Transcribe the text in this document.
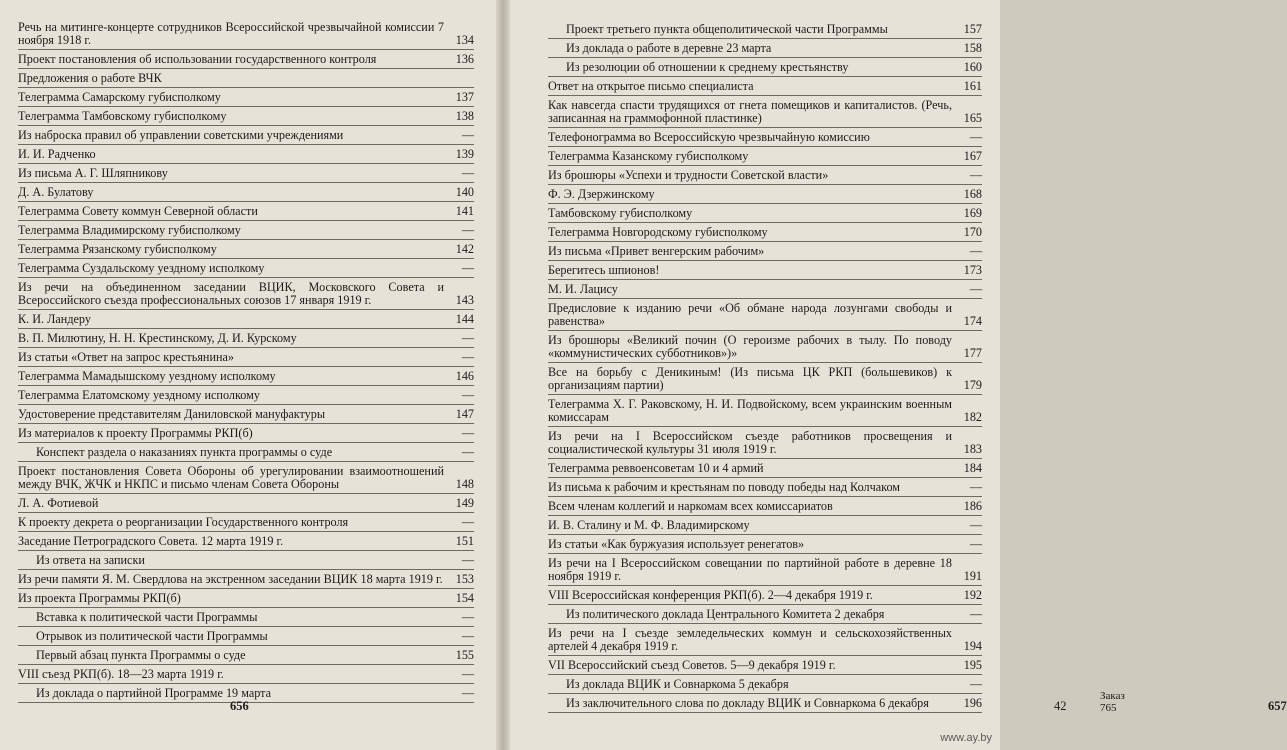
Речь на митинге-концерте сотрудников Всероссийской чрезвычайной комиссии 7 ноября 1918 г.	134
Проект постановления об использовании государственного контроля	136
Предложения о работе ВЧК
Телеграмма Самарскому губисполкому	137
Телеграмма Тамбовскому губисполкому	138
Из наброска правил об управлении советскими учреждениями	—
И. И. Радченко	139
Из письма А. Г. Шляпникову	—
Д. А. Булатову	140
Телеграмма Совету коммун Северной области	141
Телеграмма Владимирскому губисполкому	—
Телеграмма Рязанскому губисполкому	142
Телеграмма Суздальскому уездному исполкому	—
Из речи на объединенном заседании ВЦИК, Московского Совета и Всероссийского съезда профессиональных союзов 17 января 1919 г.	143
К. И. Ландеру	144
В. П. Милютину, Н. Н. Крестинскому, Д. И. Курскому	—
Из статьи «Ответ на запрос крестьянина»	—
Телеграмма Мамадышскому уездному исполкому	146
Телеграмма Елатомскому уездному исполкому	—
Удостоверение представителям Даниловской мануфактуры	147
Из материалов к проекту Программы РКП(б)	—
Конспект раздела о наказаниях пункта программы о суде	—
Проект постановления Совета Обороны об урегулировании взаимоотношений между ВЧК, ЖЧК и НКПС и письмо членам Совета Обороны	148
Л. А. Фотиевой	149
К проекту декрета о реорганизации Государственного контроля	—
Заседание Петроградского Совета. 12 марта 1919 г.	151
Из ответа на записки	—
Из речи памяти Я. М. Свердлова на экстренном заседании ВЦИК 18 марта 1919 г.	153
Из проекта Программы РКП(б)	154
Вставка к политической части Программы	—
Отрывок из политической части Программы	—
Первый абзац пункта Программы о суде	155
VIII съезд РКП(б). 18—23 марта 1919 г.	—
Из доклада о партийной Программе 19 марта	—
656
Проект третьего пункта общеполитической части Программы	157
Из доклада о работе в деревне 23 марта	158
Из резолюции об отношении к среднему крестьянству	160
Ответ на открытое письмо специалиста	161
Как навсегда спасти трудящихся от гнета помещиков и капиталистов. (Речь, записанная на граммофонной пластинке)	165
Телефонограмма во Всероссийскую чрезвычайную комиссию	—
Телеграмма Казанскому губисполкому	167
Из брошюры «Успехи и трудности Советской власти»	—
Ф. Э. Дзержинскому	168
Тамбовскому губисполкому	169
Телеграмма Новгородскому губисполкому	170
Из письма «Привет венгерским рабочим»	—
Берегитесь шпионов!	173
М. И. Лацису	—
Предисловие к изданию речи «Об обмане народа лозунгами свободы и равенства»	174
Из брошюры «Великий почин (О героизме рабочих в тылу. По поводу «коммунистических субботников»)»	177
Все на борьбу с Деникиным! (Из письма ЦК РКП (большевиков) к организациям партии)	179
Телеграмма Х. Г. Раковскому, Н. И. Подвойскому, всем украинским военным комиссарам	182
Из речи на I Всероссийском съезде работников просвещения и социалистической культуры 31 июля 1919 г.	183
Телеграмма реввоенсоветам 10 и 4 армий	184
Из письма к рабочим и крестьянам по поводу победы над Колчаком	—
Всем членам коллегий и наркомам всех комиссариатов	186
И. В. Сталину и М. Ф. Владимирскому	—
Из статьи «Как буржуазия использует ренегатов»	—
Из речи на I Всероссийском совещании по партийной работе в деревне 18 ноября 1919 г.	191
VIII Всероссийская конференция РКП(б). 2—4 декабря 1919 г.	192
Из политического доклада Центрального Комитета 2 декабря	—
Из речи на I съезде земледельческих коммун и сельскохозяйственных артелей 4 декабря 1919 г.	194
VII Всероссийский съезд Советов. 5—9 декабря 1919 г.	195
Из доклада ВЦИК и Совнаркома 5 декабря	—
Из заключительного слова по докладу ВЦИК и Совнаркома 6 декабря	196	42
Заказ 765	657
www.ay.by
